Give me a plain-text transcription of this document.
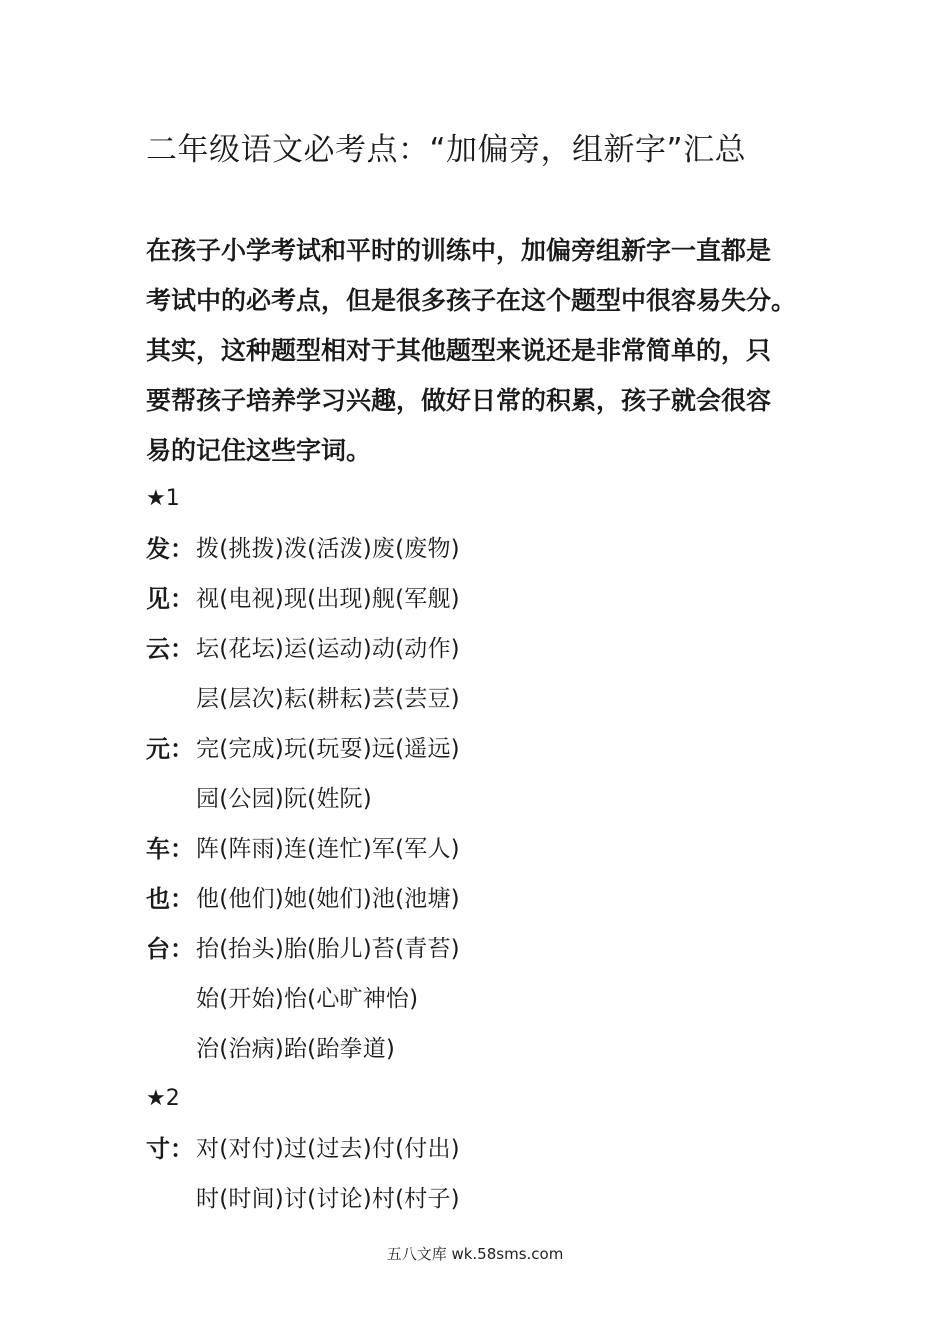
二年级语文必考点：“加偏旁，组新字”汇总
在孩子小学考试和平时的训练中，加偏旁组新字一直都是
考试中的必考点，但是很多孩子在这个题型中很容易失分。
其实，这种题型相对于其他题型来说还是非常简单的，只
要帮孩子培养学习兴趣，做好日常的积累，孩子就会很容
易的记住这些字词。
★1
发： 拨(挑拨)泼(活泼)废(废物)
见： 视(电视)现(出现)舰(军舰)
云： 坛(花坛)运(运动)动(动作)
层(层次)耘(耕耘)芸(芸豆)
元： 完(完成)玩(玩耍)远(遥远)
园(公园)阮(姓阮)
车： 阵(阵雨)连(连忙)军(军人)
也： 他(他们)她(她们)池(池塘)
台： 抬(抬头)胎(胎儿)苔(青苔)
始(开始)怡(心旷神怡)
治(治病)跆(跆拳道)
★2
寸： 对(对付)过(过去)付(付出)
时(时间)讨(讨论)村(村子)
五八文库 wk.58sms.com
